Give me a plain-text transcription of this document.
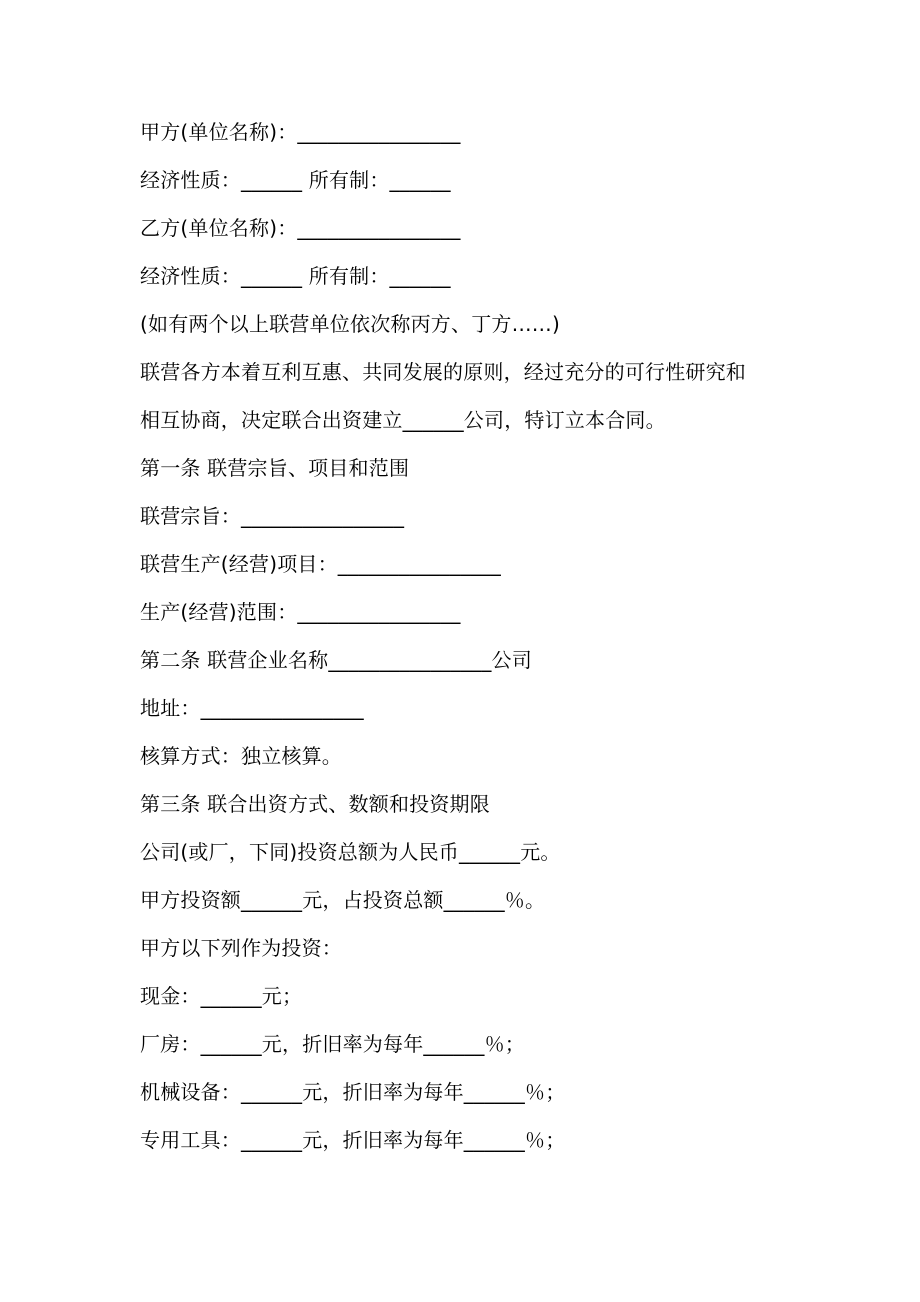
甲方(单位名称)：________________
经济性质：______ 所有制：______
乙方(单位名称)：________________
经济性质：______ 所有制：______
(如有两个以上联营单位依次称丙方、丁方……)
联营各方本着互利互惠、共同发展的原则，经过充分的可行性研究和
相互协商，决定联合出资建立______公司，特订立本合同。
第一条 联营宗旨、项目和范围
联营宗旨：________________
联营生产(经营)项目：________________
生产(经营)范围：________________
第二条 联营企业名称________________公司
地址：________________
核算方式：独立核算。
第三条 联合出资方式、数额和投资期限
公司(或厂，下同)投资总额为人民币______元。
甲方投资额______元，占投资总额______％。
甲方以下列作为投资：
现金：______元；
厂房：______元，折旧率为每年______％；
机械设备：______元，折旧率为每年______％；
专用工具：______元，折旧率为每年______％；
